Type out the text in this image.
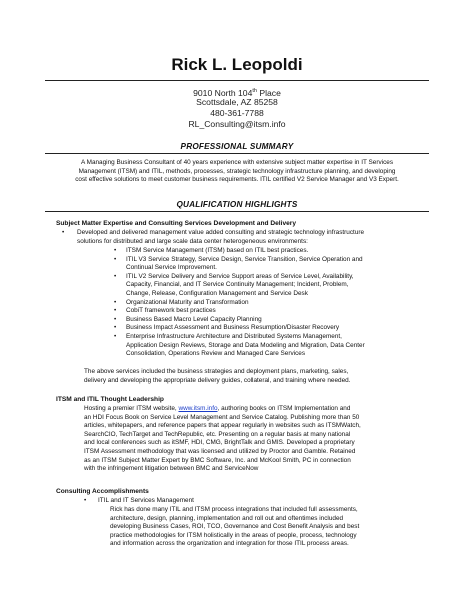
Rick L. Leopoldi
9010 North 104th Place
Scottsdale, AZ 85258
480-361-7788
RL_Consulting@itsm.info
PROFESSIONAL SUMMARY
A Managing Business Consultant of 40 years experience with extensive subject matter expertise in IT Services
Management (ITSM) and ITIL, methods, processes, strategic technology infrastructure planning, and developing
cost effective solutions to meet customer business requirements. ITIL certified V2 Service Manager and V3 Expert.
QUALIFICATION HIGHLIGHTS
Subject Matter Expertise and Consulting Services Development and Delivery
• Developed and delivered management value added consulting and strategic technology infrastructure
solutions for distributed and large scale data center heterogeneous environments:
• ITSM Service Management (ITSM) based on ITIL best practices.
• ITIL V3 Service Strategy, Service Design, Service Transition, Service Operation and
Continual Service Improvement.
• ITIL V2 Service Delivery and Service Support areas of Service Level, Availability,
Capacity, Financial, and IT Service Continuity Management; Incident, Problem,
Change, Release, Configuration Management and Service Desk
• Organizational Maturity and Transformation
• CobiT framework best practices
• Business Based Macro Level Capacity Planning
• Business Impact Assessment and Business Resumption/Disaster Recovery
• Enterprise Infrastructure Architecture and Distributed Systems Management,
Application Design Reviews, Storage and Data Modeling and Migration, Data Center
Consolidation, Operations Review and Managed Care Services
The above services included the business strategies and deployment plans, marketing, sales,
delivery and developing the appropriate delivery guides, collateral, and training where needed.
ITSM and ITIL Thought Leadership
Hosting a premier ITSM website, www.itsm.info, authoring books on ITSM Implementation and
an HDI Focus Book on Service Level Management and Service Catalog. Publishing more than 50
articles, whitepapers, and reference papers that appear regularly in websites such as ITSMWatch,
SearchCIO, TechTarget and TechRepublic, etc. Presenting on a regular basis at many national
and local conferences such as itSMF, HDI, CMG, BrightTalk and GMIS. Developed a proprietary
ITSM Assessment methodology that was licensed and utilized by Proctor and Gamble. Retained
as an ITSM Subject Matter Expert by BMC Software, Inc. and McKool Smith, PC in connection
with the infringement litigation between BMC and ServiceNow
Consulting Accomplishments
• ITIL and IT Services Management
Rick has done many ITIL and ITSM process integrations that included full assessments,
architecture, design, planning, implementation and roll out and oftentimes included
developing Business Cases, ROI, TCO, Governance and Cost Benefit Analysis and best
practice methodologies for ITSM holistically in the areas of people, process, technology
and information across the organization and integration for those ITIL process areas.
